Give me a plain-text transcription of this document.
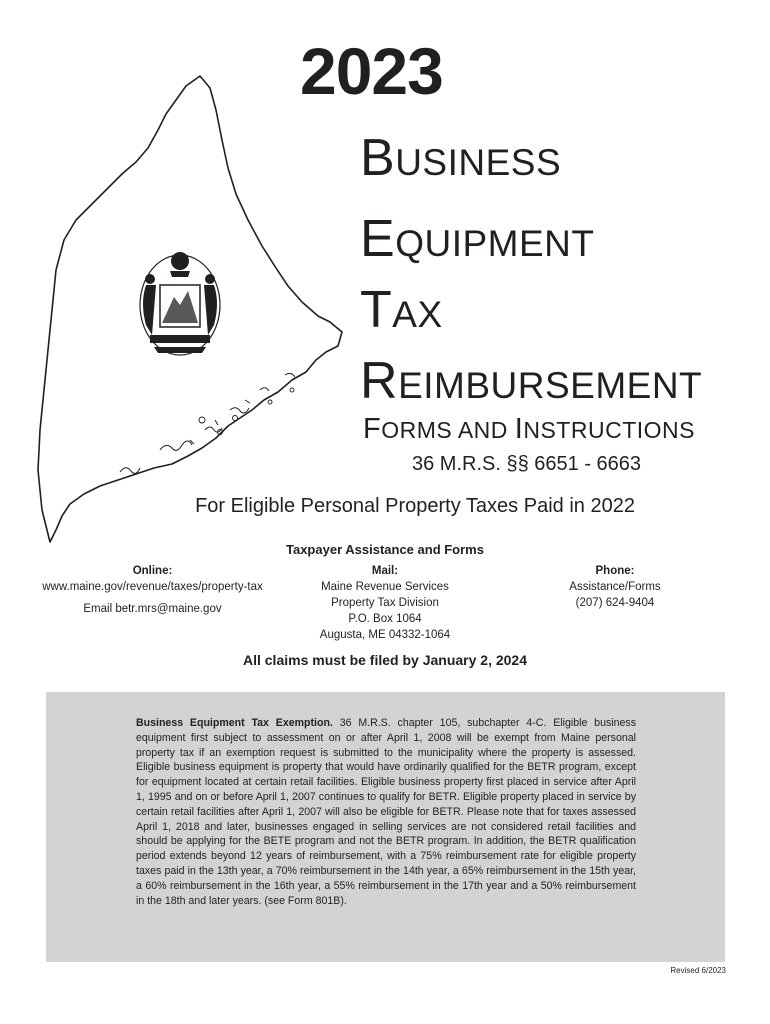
2023
BUSINESS
EQUIPMENT
TAX
REIMBURSEMENT
FORMS AND INSTRUCTIONS
36 M.R.S. §§ 6651 - 6663
For Eligible Personal Property Taxes Paid in 2022
Taxpayer Assistance and Forms
Online:
www.maine.gov/revenue/taxes/property-tax
Email betr.mrs@maine.gov
Mail:
Maine Revenue Services
Property Tax Division
P.O. Box 1064
Augusta, ME 04332-1064
Phone:
Assistance/Forms
(207) 624-9404
All claims must be filed by January 2, 2024
Business Equipment Tax Exemption. 36 M.R.S. chapter 105, subchapter 4-C. Eligible business equipment first subject to assessment on or after April 1, 2008 will be exempt from Maine personal property tax if an exemption request is submitted to the municipality where the property is assessed. Eligible business equipment is property that would have ordinarily qualified for the BETR program, except for equipment located at certain retail facilities. Eligible business property first placed in service after April 1, 1995 and on or before April 1, 2007 continues to qualify for BETR. Eligible property placed in service by certain retail facilities after April 1, 2007 will also be eligible for BETR. Please note that for taxes assessed April 1, 2018 and later, businesses engaged in selling services are not considered retail facilities and should be applying for the BETE program and not the BETR program. In addition, the BETR qualification period extends beyond 12 years of reimbursement, with a 75% reimbursement rate for eligible property taxes paid in the 13th year, a 70% reimbursement in the 14th year, a 65% reimbursement in the 15th year, a 60% reimbursement in the 16th year, a 55% reimbursement in the 17th year and a 50% reimbursement in the 18th and later years. (see Form 801B).
Revised 6/2023
